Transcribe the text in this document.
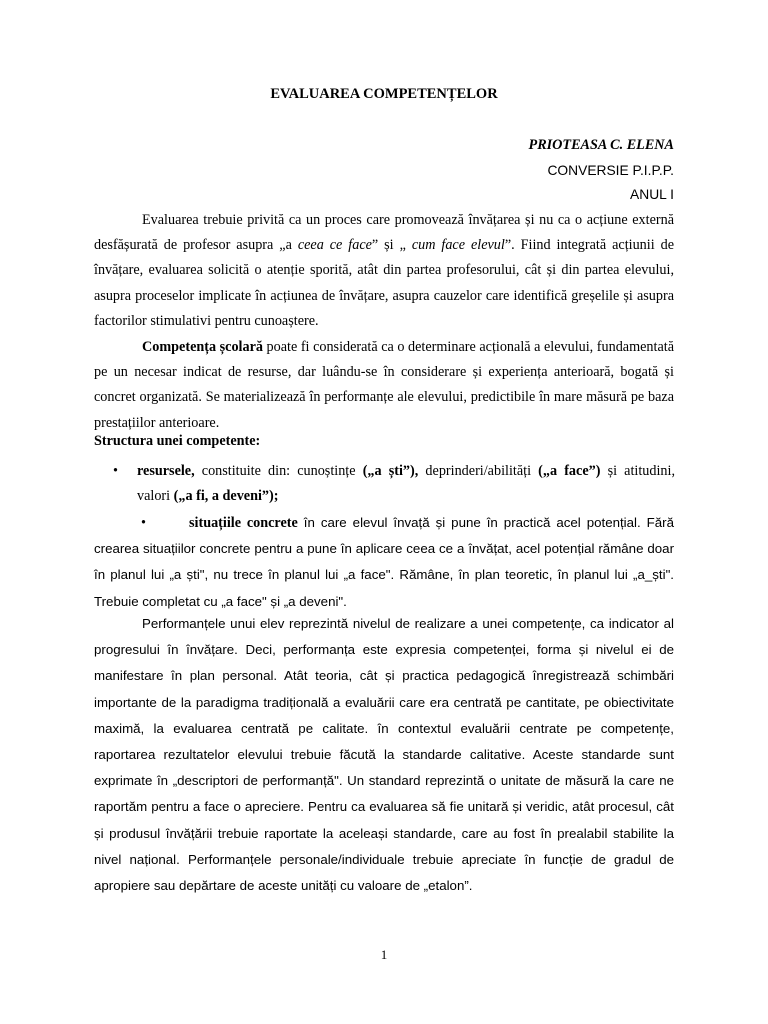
EVALUAREA COMPETENȚELOR
PRIOTEASA C. ELENA
CONVERSIE P.I.P.P.
ANUL I

Evaluarea trebuie privită ca un proces care promovează învățarea și nu ca o acțiune externă desfășurată de profesor asupra „a ceea ce face” și „ cum face elevul”. Fiind integrată acțiunii de învățare, evaluarea solicită o atenție sporită, atât din partea profesorului, cât și din partea elevului, asupra proceselor implicate în acțiunea de învățare, asupra cauzelor care identifică greșelile și asupra factorilor stimulativi pentru cunoaștere.

Competența școlară poate fi considerată ca o determinare acțională a elevului, fundamentată pe un necesar indicat de resurse, dar luându-se în considerare și experiența anterioară, bogată și concret organizată. Se materializează în performanțe ale elevului, predictibile în mare măsură pe baza prestațiilor anterioare.

Structura unei competente:

•	resursele, constituite din: cunoștințe („a ști”), deprinderi/abilități („a face”) și atitudini, valori („a fi, a deveni”);

•	situațiile concrete în care elevul învață și pune în practică acel potențial. Fără crearea situațiilor concrete pentru a pune în aplicare ceea ce a învățat, acel potențial rămâne doar în planul lui „a ști", nu trece în planul lui „a face". Rămâne, în plan teoretic, în planul lui „a_ști". Trebuie completat cu „a face" și „a deveni".

Performanțele unui elev reprezintă nivelul de realizare a unei competențe, ca indicator al progresului în învățare. Deci, performanța este expresia competenței, forma și nivelul ei de manifestare în plan personal. Atât teoria, cât și practica pedagogică înregistrează schimbări importante de la paradigma tradițională a evaluării care era centrată pe cantitate, pe obiectivitate maximă, la evaluarea centrată pe calitate. în contextul evaluării centrate pe competențe, raportarea rezultatelor elevului trebuie făcută la standarde calitative. Aceste standarde sunt exprimate în „descriptori de performanță". Un standard reprezintă o unitate de măsură la care ne raportăm pentru a face o apreciere. Pentru ca evaluarea să fie unitară și veridic, atât procesul, cât și produsul învățării trebuie raportate la aceleași standarde, care au fost în prealabil stabilite la nivel național. Performanțele personale/individuale trebuie apreciate în funcție de gradul de apropiere sau depărtare de aceste unități cu valoare de „etalon”.

1
